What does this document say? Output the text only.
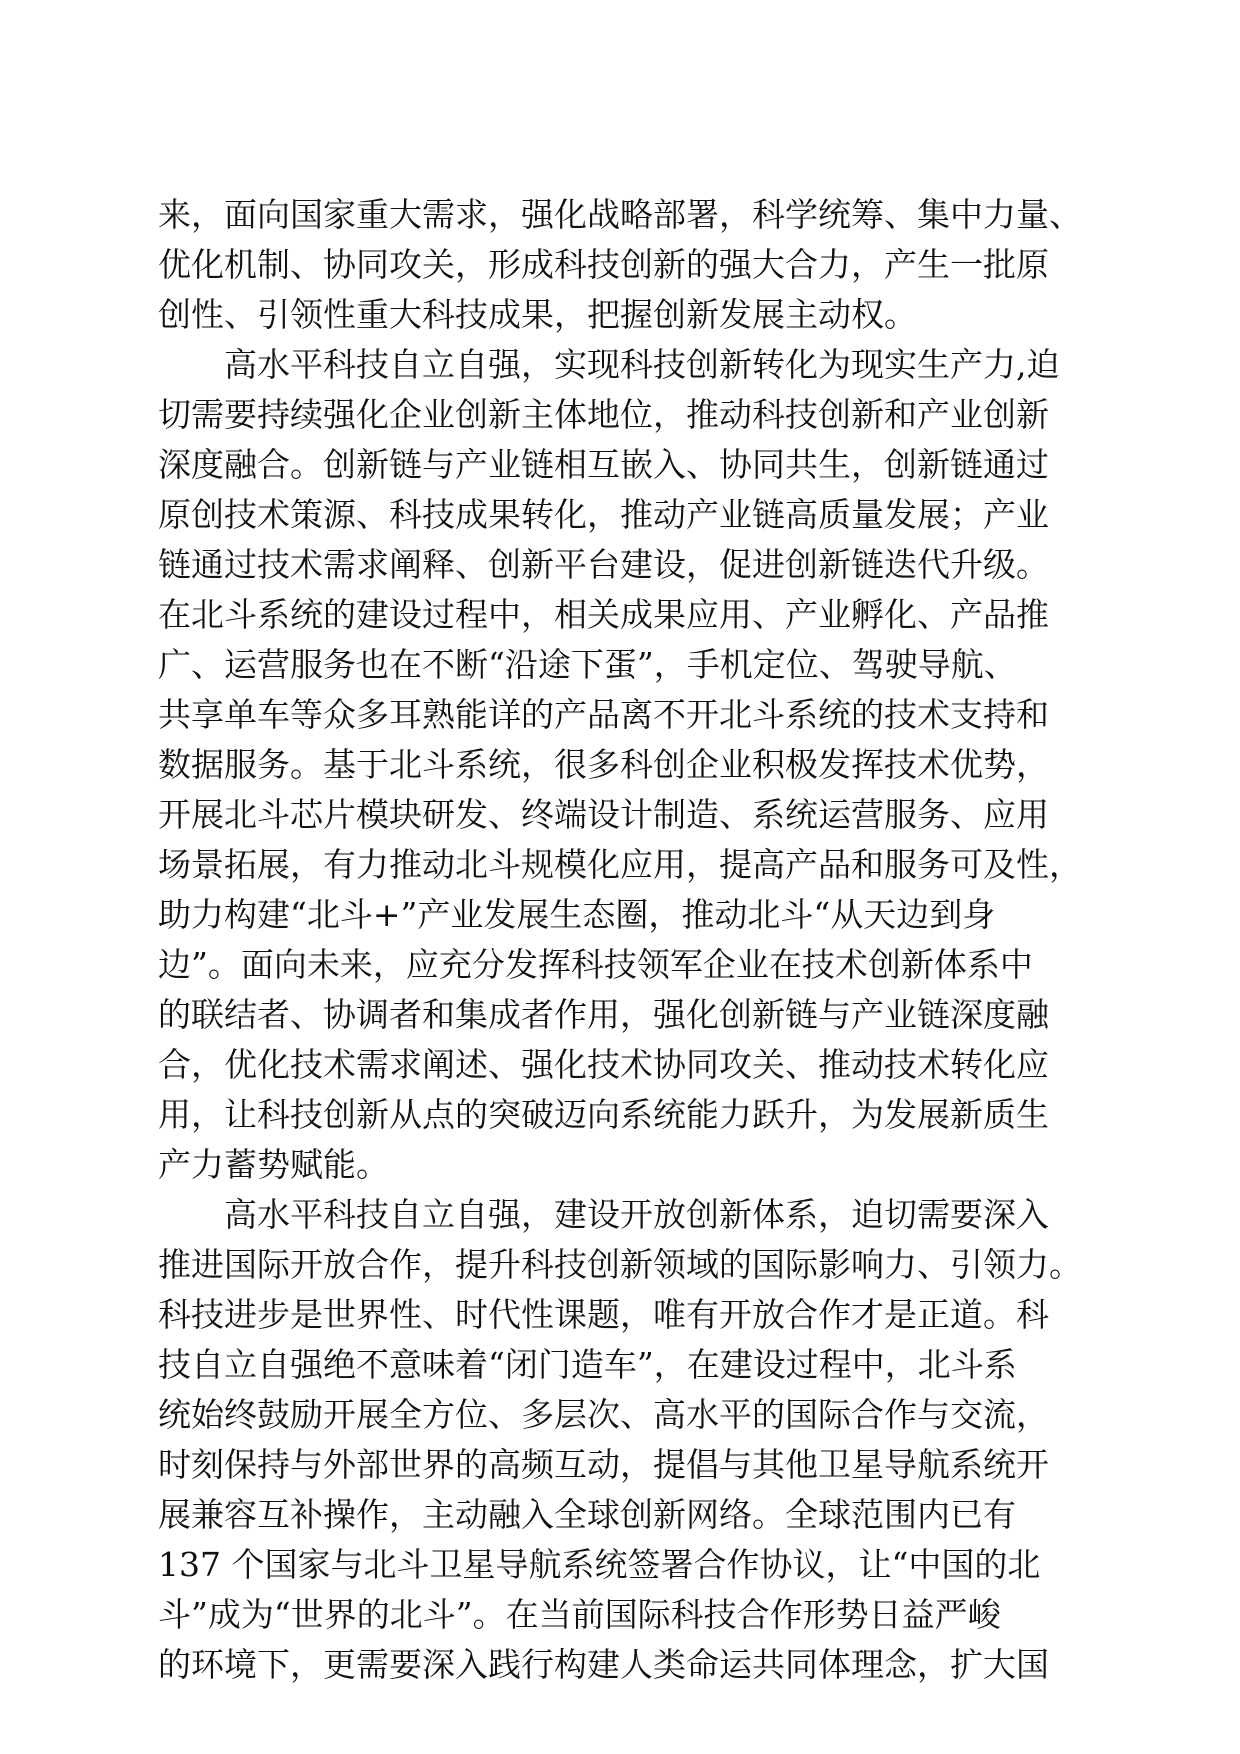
来，面向国家重大需求，强化战略部署，科学统筹、集中力量、
优化机制、协同攻关，形成科技创新的强大合力，产生一批原
创性、引领性重大科技成果，把握创新发展主动权。
高水平科技自立自强，实现科技创新转化为现实生产力,迫
切需要持续强化企业创新主体地位，推动科技创新和产业创新
深度融合。创新链与产业链相互嵌入、协同共生，创新链通过
原创技术策源、科技成果转化，推动产业链高质量发展；产业
链通过技术需求阐释、创新平台建设，促进创新链迭代升级。
在北斗系统的建设过程中，相关成果应用、产业孵化、产品推
广、运营服务也在不断“沿途下蛋”，手机定位、驾驶导航、
共享单车等众多耳熟能详的产品离不开北斗系统的技术支持和
数据服务。基于北斗系统，很多科创企业积极发挥技术优势，
开展北斗芯片模块研发、终端设计制造、系统运营服务、应用
场景拓展，有力推动北斗规模化应用，提高产品和服务可及性，
助力构建“北斗+”产业发展生态圈，推动北斗“从天边到身
边”。面向未来，应充分发挥科技领军企业在技术创新体系中
的联结者、协调者和集成者作用，强化创新链与产业链深度融
合，优化技术需求阐述、强化技术协同攻关、推动技术转化应
用，让科技创新从点的突破迈向系统能力跃升，为发展新质生
产力蓄势赋能。
高水平科技自立自强，建设开放创新体系，迫切需要深入
推进国际开放合作，提升科技创新领域的国际影响力、引领力。
科技进步是世界性、时代性课题，唯有开放合作才是正道。科
技自立自强绝不意味着“闭门造车”，在建设过程中，北斗系
统始终鼓励开展全方位、多层次、高水平的国际合作与交流，
时刻保持与外部世界的高频互动，提倡与其他卫星导航系统开
展兼容互补操作，主动融入全球创新网络。全球范围内已有
137 个国家与北斗卫星导航系统签署合作协议，让“中国的北
斗”成为“世界的北斗”。在当前国际科技合作形势日益严峻
的环境下，更需要深入践行构建人类命运共同体理念，扩大国
